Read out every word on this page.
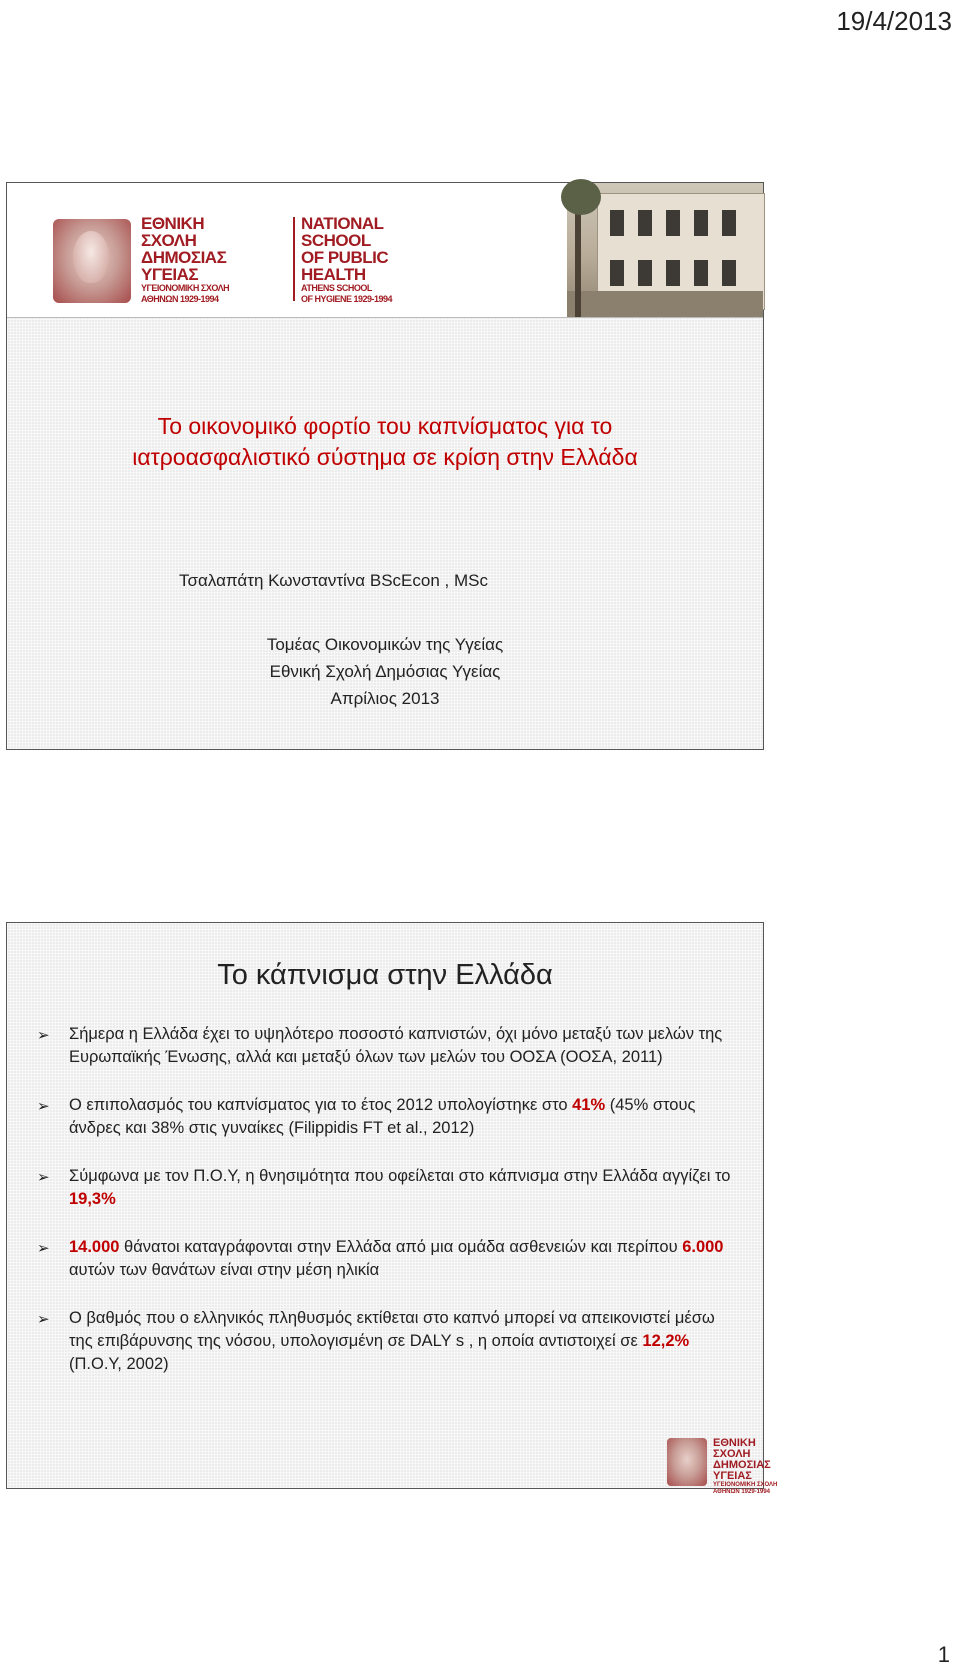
19/4/2013
ΕΘΝΙΚΗ
ΣΧΟΛΗ
ΔΗΜΟΣΙΑΣ
ΥΓΕΙΑΣ
ΥΓΕΙΟΝΟΜΙΚΗ ΣΧΟΛΗ
ΑΘΗΝΩΝ 1929-1994
NATIONAL
SCHOOL
OF PUBLIC
HEALTH
ATHENS SCHOOL
OF HYGIENE 1929-1994
Το οικονομικό φορτίο του καπνίσματος για το
ιατροασφαλιστικό σύστημα σε κρίση στην Ελλάδα
Τσαλαπάτη Κωνσταντίνα BScEcon , MSc
Τομέας Οικονομικών της Υγείας
Εθνική Σχολή Δημόσιας Υγείας
Απρίλιος 2013
Το κάπνισμα στην Ελλάδα
➢ Σήμερα η Ελλάδα έχει το υψηλότερο ποσοστό καπνιστών, όχι μόνο μεταξύ των μελών της Ευρωπαϊκής Ένωσης, αλλά και μεταξύ όλων των μελών του ΟΟΣΑ (ΟΟΣΑ, 2011)
➢ Ο επιπολασμός του καπνίσματος για το έτος 2012 υπολογίστηκε στο 41% (45% στους άνδρες και 38% στις γυναίκες (Filippidis FT et al., 2012)
➢ Σύμφωνα με τον Π.Ο.Υ, η θνησιμότητα που οφείλεται στο κάπνισμα στην Ελλάδα αγγίζει το 19,3%
➢ 14.000 θάνατοι καταγράφονται στην Ελλάδα από μια ομάδα ασθενειών και περίπου 6.000 αυτών των θανάτων είναι στην μέση ηλικία
➢ Ο βαθμός που ο ελληνικός πληθυσμός εκτίθεται στο καπνό μπορεί να απεικονιστεί μέσω της επιβάρυνσης της νόσου, υπολογισμένη σε DALY s , η οποία αντιστοιχεί σε 12,2% (Π.Ο.Υ, 2002)
ΕΘΝΙΚΗ
ΣΧΟΛΗ
ΔΗΜΟΣΙΑΣ
ΥΓΕΙΑΣ
ΥΓΕΙΟΝΟΜΙΚΗ ΣΧΟΛΗ
ΑΘΗΝΩΝ 1929-1994
1
